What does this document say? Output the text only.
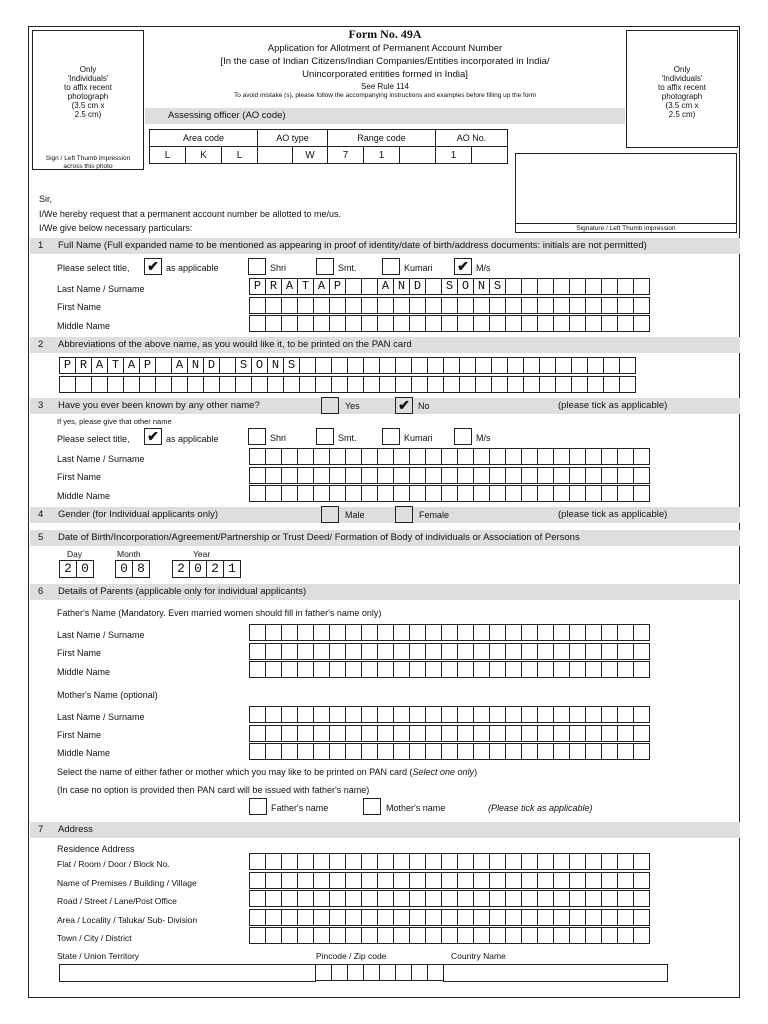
Only
'Individuals'
to affix recent
photograph
(3.5 cm x
2.5 cm)
Sign / Left Thumb impression
across this photo
Only
'Individuals'
to affix recent
photograph
(3.5 cm x
2.5 cm)
Signature / Left Thumb impression
Form No. 49A
Application for Allotment of Permanent Account Number
[In the case of Indian Citizens/Indian Companies/Entities incorporated in India/
Unincorporated entities formed in India]
See Rule 114
To avoid mistake (s), please follow the accompanying instructions and examples before filling up the form
Assessing officer (AO code)
Area code			AO type		Range code			AO No.	
L	K	L		W	7	1		1	
Sir,
I/We hereby request that a permanent account number be allotted to me/us.
I/We give below necessary particulars:
1 Full Name (Full expanded name to be mentioned as appearing in proof of identity/date of birth/address documents: initials are not permitted)
Please select title, ✔ as applicable	Shri	Smt.	Kumari ✔ M/s
Last Name / Surname	P R A T A P	A N D	S O N S
First Name
Middle Name
2 Abbreviations of the above name, as you would like it, to be printed on the PAN card
P R A T A P	A N D	S O N S
3 Have you ever been known by any other name?	(please tick as applicable)
Yes	✔ No
If yes, please give that other name
Please select title, ✔ as applicable	Shri	Smt.	Kumari	M/s
Last Name / Surname
First Name
Middle Name
4 Gender (for Individual applicants only)	(please tick as applicable)
Male	Female
5 Date of Birth/Incorporation/Agreement/Partnership or Trust Deed/ Formation of Body of individuals or Association of Persons
Day	Month	Year
2 0	0 8	2 0 2 1
6 Details of Parents (applicable only for individual applicants)
Father's Name (Mandatory. Even married women should fill in father's name only)
Last Name / Surname
First Name
Middle Name
Mother's Name (optional)
Last Name / Surname
First Name
Middle Name
Select the name of either father or mother which you may like to be printed on PAN card (Select one only)
(In case no option is provided then PAN card will be issued with father's name)
Father's name	Mother's name	(Please tick as applicable)
7 Address
Residence Address
Flat / Room / Door / Block No.
Name of Premises / Building / Village
Road / Street / Lane/Post Office
Area / Locality / Taluka/ Sub- Division
Town / City / District
State / Union Territory	Pincode / Zip code	Country Name
